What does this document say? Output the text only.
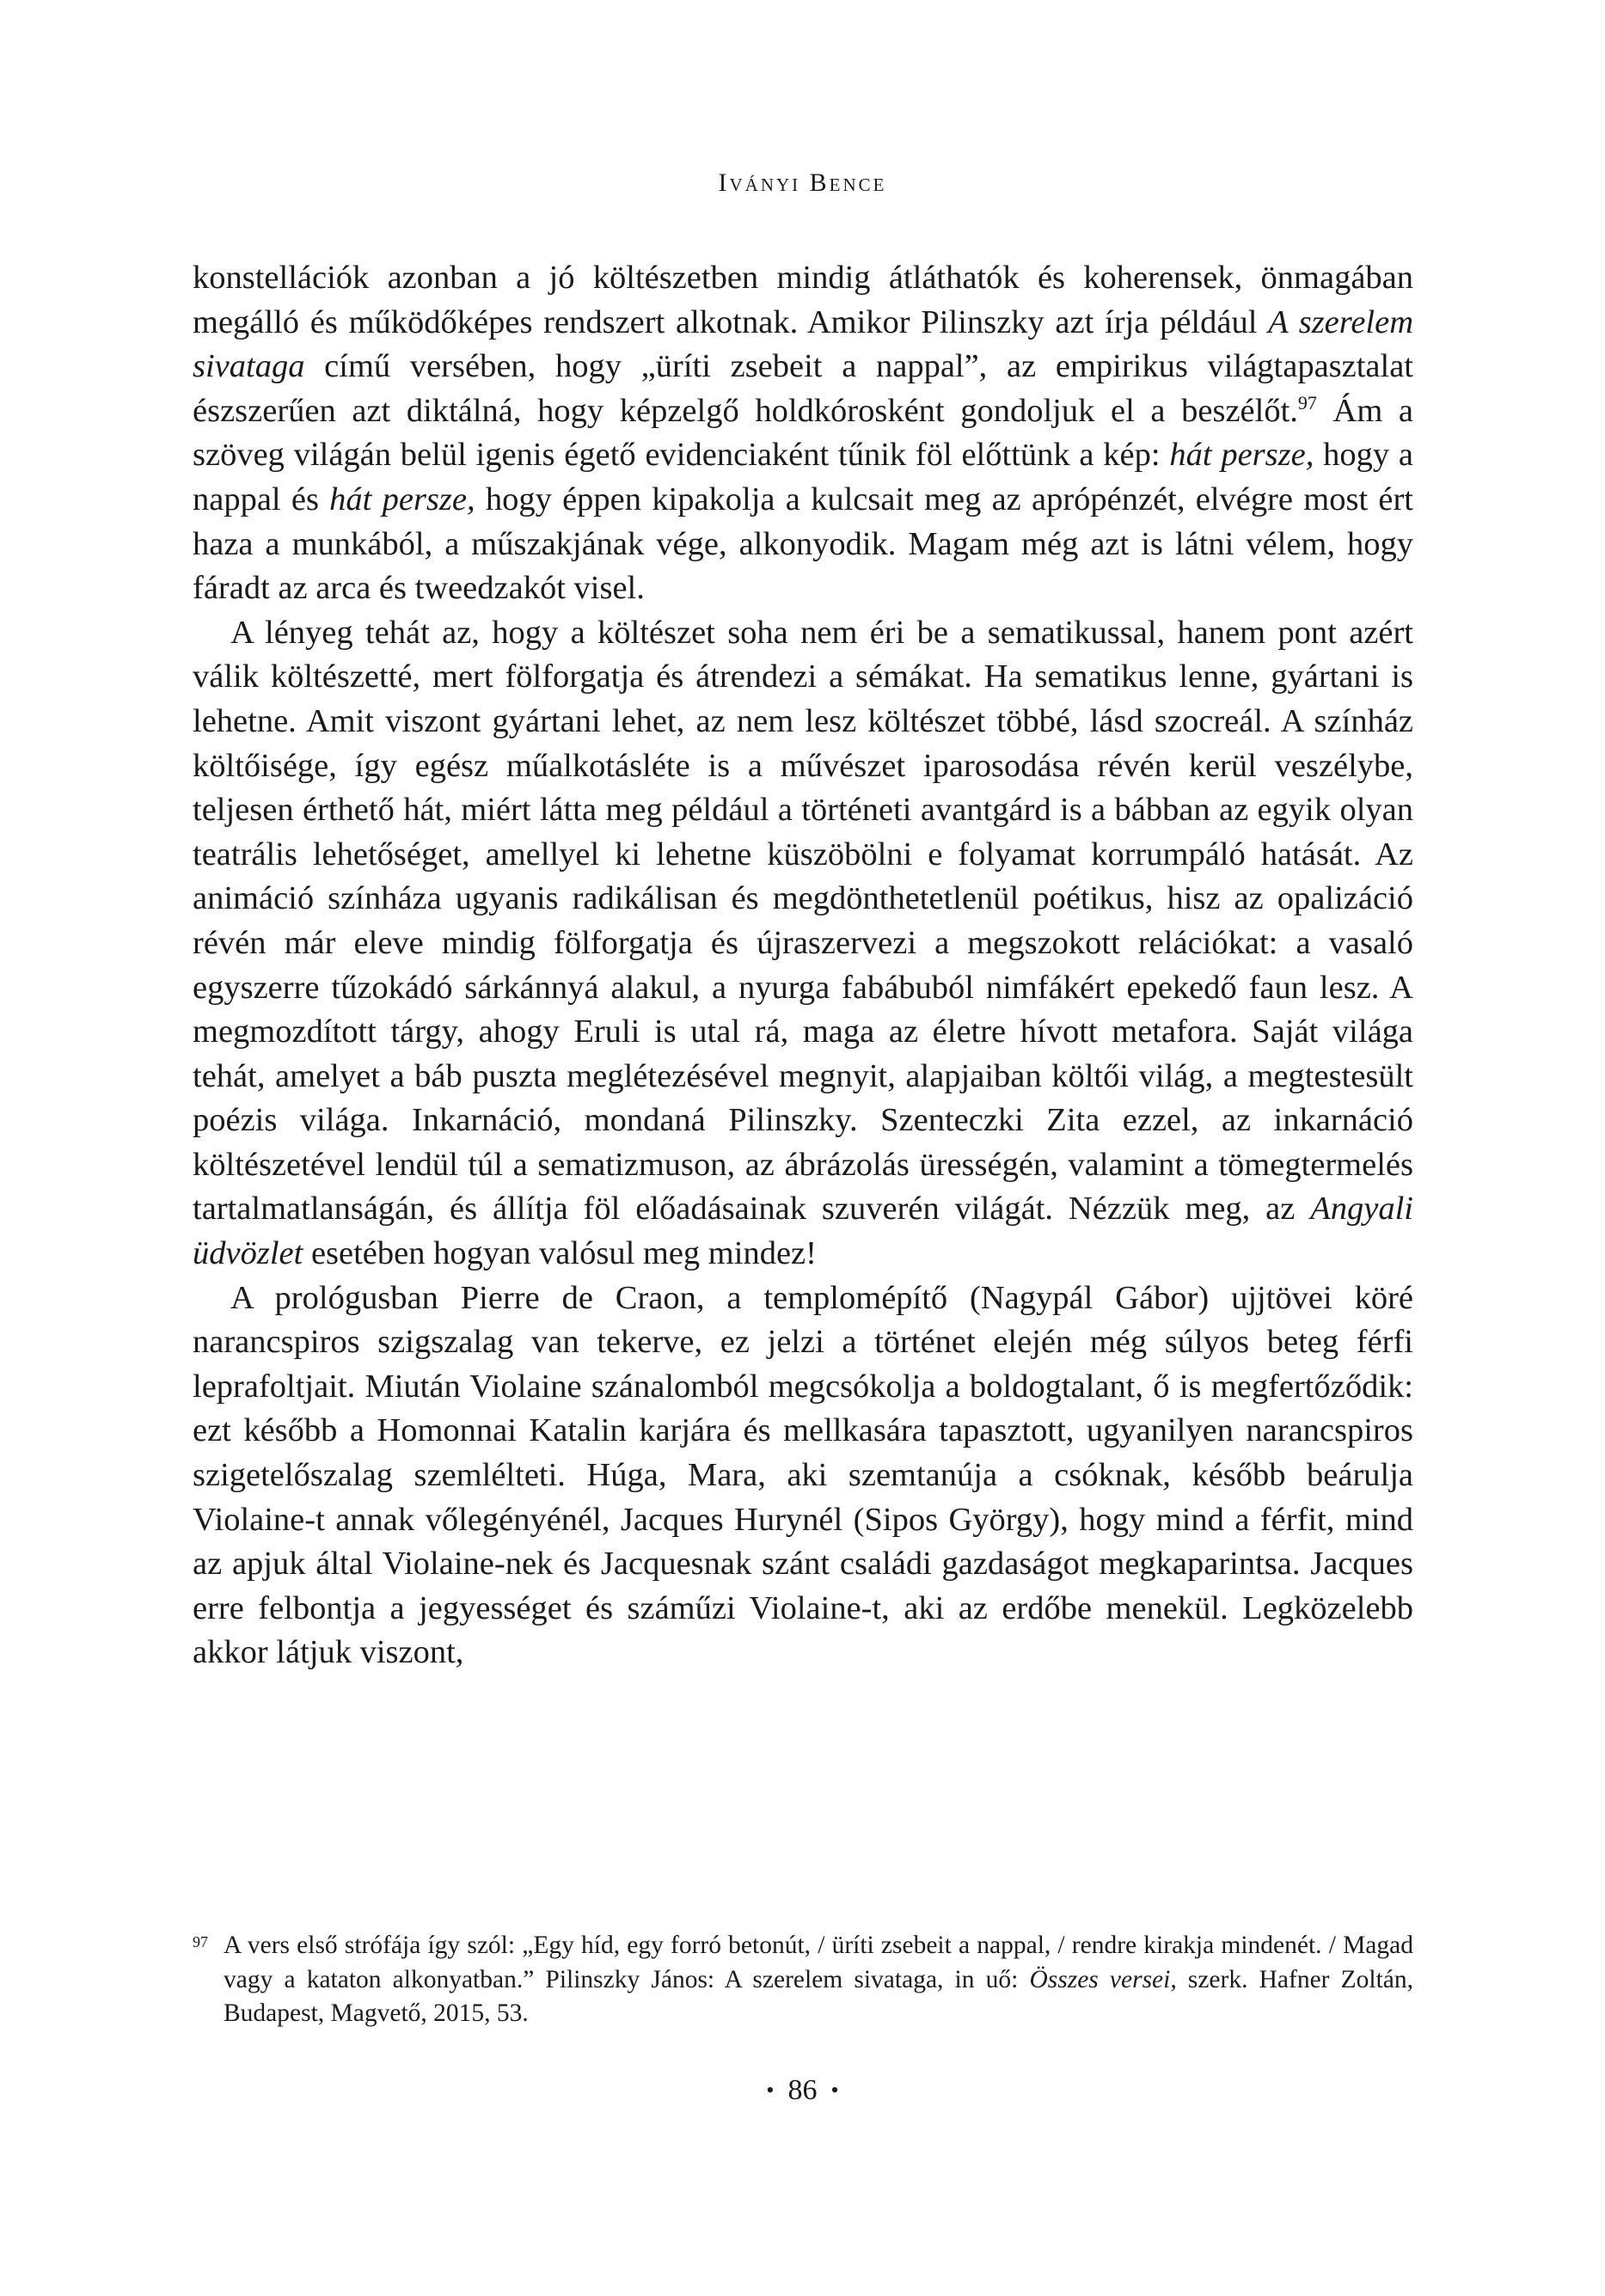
Iványi Bence

konstellációk azonban a jó költészetben mindig átláthatók és koherensek, önmagában megálló és működőképes rendszert alkotnak. Amikor Pilinszky azt írja például A szerelem sivataga című versében, hogy „üríti zsebeit a nappal”, az empirikus világtapasztalat észszerűen azt diktálná, hogy képzelgő holdkórosként gondoljuk el a beszélőt.$^{97}$ Ám a szöveg világán belül igenis égető evidenciaként tűnik föl előttünk a kép: hát persze, hogy a nappal és hát persze, hogy éppen kipakolja a kulcsait meg az aprópénzét, elvégre most ért haza a munkából, a műszakjának vége, alkonyodik. Magam még azt is látni vélem, hogy fáradt az arca és tweedzakót visel.

A lényeg tehát az, hogy a költészet soha nem éri be a sematikussal, hanem pont azért válik költészetté, mert fölforgatja és átrendezi a sémákat. Ha sematikus lenne, gyártani is lehetne. Amit viszont gyártani lehet, az nem lesz költészet többé, lásd szocreál. A színház költőisége, így egész műalkotásléte is a művészet iparosodása révén kerül veszélybe, teljesen érthető hát, miért látta meg például a történeti avantgárd is a bábban az egyik olyan teatrális lehetőséget, amellyel ki lehetne küszöbölni e folyamat korrumpáló hatását. Az animáció színháza ugyanis radikálisan és megdönthetetlenül poétikus, hisz az opalizáció révén már eleve mindig fölforgatja és újraszervezi a megszokott relációkat: a vasaló egyszerre tűzokádó sárkánnyá alakul, a nyurga fabábuból nimfákért epekedő faun lesz. A megmozdított tárgy, ahogy Eruli is utal rá, maga az életre hívott metafora. Saját világa tehát, amelyet a báb puszta meglétezésével megnyit, alapjaiban költői világ, a megtestesült poézis világa. Inkarnáció, mondaná Pilinszky. Szenteczki Zita ezzel, az inkarnáció költészetével lendül túl a sematizmuson, az ábrázolás ürességén, valamint a tömegtermelés tartalmatlanságán, és állítja föl előadásainak szuverén világát. Nézzük meg, az Angyali üdvözlet esetében hogyan valósul meg mindez!

A prológusban Pierre de Craon, a templomépítő (Nagypál Gábor) ujjtövei köré narancspiros szigszalag van tekerve, ez jelzi a történet elején még súlyos beteg férfi leprafoltjait. Miután Violaine szánalomból megcsókolja a boldogtalant, ő is megfertőződik: ezt később a Homonnai Katalin karjára és mellkasára tapasztott, ugyanilyen narancspiros szigetelőszalag szemlélteti. Húga, Mara, aki szemtanúja a csóknak, később beárulja Violaine-t annak vőlegényénél, Jacques Hurynél (Sipos György), hogy mind a férfit, mind az apjuk által Violaine-nek és Jacquesnak szánt családi gazdaságot megkaparintsa. Jacques erre felbontja a jegyességet és száműzi Violaine-t, aki az erdőbe menekül. Legközelebb akkor látjuk viszont,

97 A vers első strófája így szól: „Egy híd, egy forró betonút, / üríti zsebeit a nappal, / rendre kirakja mindenét. / Magad vagy a kataton alkonyatban.” Pilinszky János: A szerelem sivataga, in uő: Összes versei, szerk. Hafner Zoltán, Budapest, Magvető, 2015, 53.
• 86 •
